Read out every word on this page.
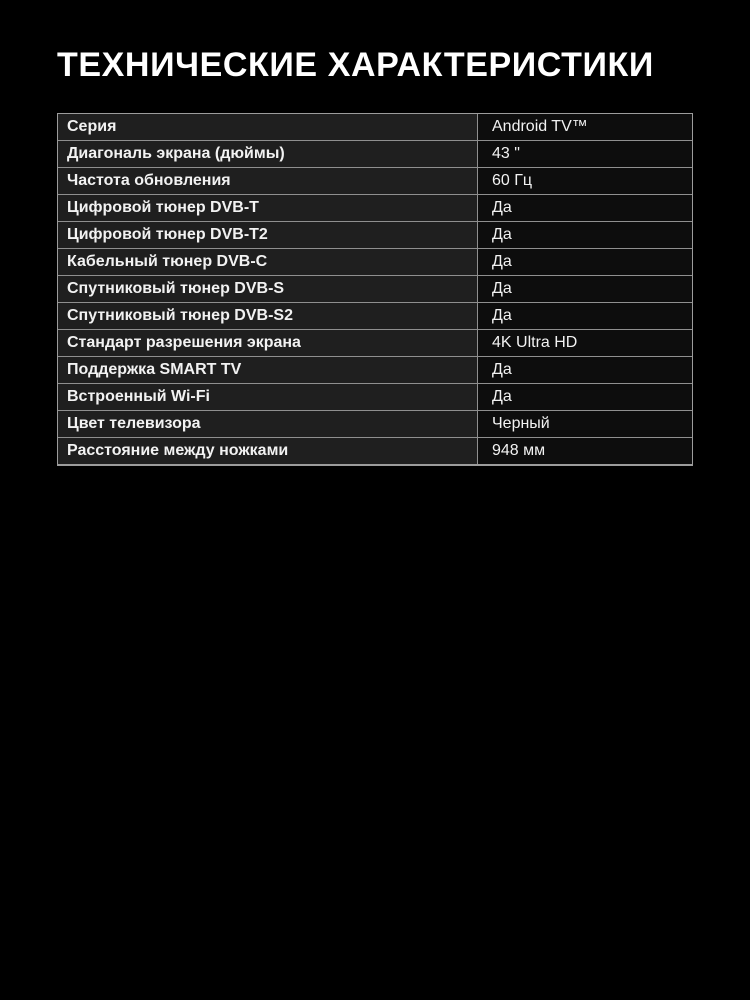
ТЕХНИЧЕСКИЕ ХАРАКТЕРИСТИКИ
Серия	Android TV™
Диагональ экрана (дюймы)	43 "
Частота обновления	60 Гц
Цифровой тюнер DVB-T	Да
Цифровой тюнер DVB-T2	Да
Кабельный тюнер DVB-C	Да
Спутниковый тюнер DVB-S	Да
Спутниковый тюнер DVB-S2	Да
Стандарт разрешения экрана	4K Ultra HD
Поддержка SMART TV	Да
Встроенный Wi-Fi	Да
Цвет телевизора	Черный
Расстояние между ножками	948 мм
